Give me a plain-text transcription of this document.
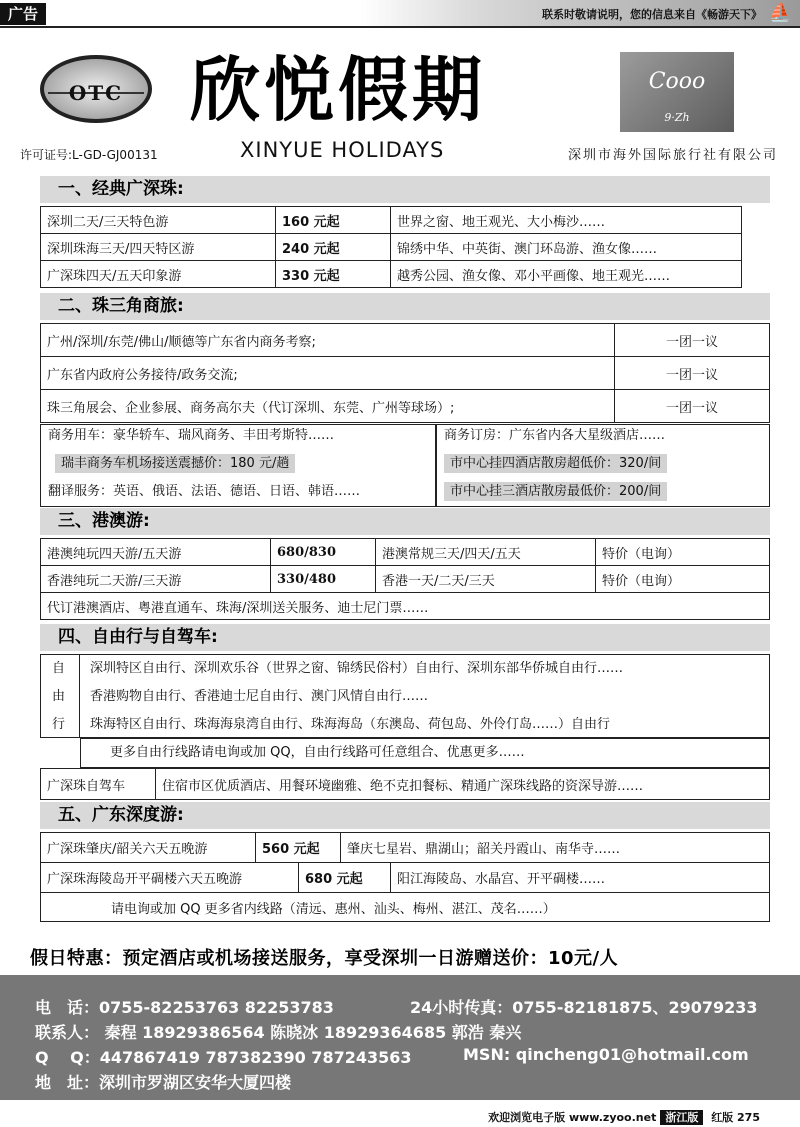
广告	联系时敬请说明，您的信息来自《畅游天下》 ⛵
OTC 欣悦假期
XINYUE HOLIDAYS
Cooo
9·Zh
许可证号:L-GD-GJ00131	深圳市海外国际旅行社有限公司
一、经典广深珠:
深圳二天/三天特色游	160 元起	世界之窗、地王观光、大小梅沙……
深圳珠海三天/四天特区游	240 元起	锦绣中华、中英街、澳门环岛游、渔女像……
广深珠四天/五天印象游	330 元起	越秀公园、渔女像、邓小平画像、地王观光……
二、珠三角商旅:
广州/深圳/东莞/佛山/顺德等广东省内商务考察;	一团一议
广东省内政府公务接待/政务交流;	一团一议
珠三角展会、企业参展、商务高尔夫（代订深圳、东莞、广州等球场）;	一团一议
商务用车：豪华轿车、瑞风商务、丰田考斯特……
瑞丰商务车机场接送震撼价：180 元/趟
翻译服务：英语、俄语、法语、德语、日语、韩语……
商务订房：广东省内各大星级酒店……
市中心挂四酒店散房超低价：320/间
市中心挂三酒店散房最低价：200/间
三、港澳游:
港澳纯玩四天游/五天游	680/830	港澳常规三天/四天/五天	特价（电询）
香港纯玩二天游/三天游	330/480	香港一天/二天/三天	特价（电询）
代订港澳酒店、粤港直通车、珠海/深圳送关服务、迪士尼门票……			
四、自由行与自驾车:
自
由
行
深圳特区自由行、深圳欢乐谷（世界之窗、锦绣民俗村）自由行、深圳东部华侨城自由行……
香港购物自由行、香港迪士尼自由行、澳门风情自由行……
珠海特区自由行、珠海海泉湾自由行、珠海海岛（东澳岛、荷包岛、外伶仃岛……）自由行
更多自由行线路请电询或加 QQ，自由行线路可任意组合、优惠更多……
广深珠自驾车	住宿市区优质酒店、用餐环境幽雅、绝不克扣餐标、精通广深珠线路的资深导游……
五、广东深度游:
广深珠肇庆/韶关六天五晚游	560 元起	肇庆七星岩、鼎湖山；韶关丹霞山、南华寺……
广深珠海陵岛开平碉楼六天五晚游	680 元起	阳江海陵岛、水晶宫、开平碉楼……
请电询或加 QQ 更多省内线路（清远、惠州、汕头、梅州、湛江、茂名……）
假日特惠：预定酒店或机场接送服务，享受深圳一日游赠送价：10元/人
电　话：0755-82253763 82253783	24小时传真：0755-82181875、29079233
联系人： 秦程 18929386564 陈晓冰 18929364685 郭浩 秦兴
Q　 Q：447867419 787382390 787243563	MSN: qincheng01@hotmail.com
地　址：深圳市罗湖区安华大厦四楼
欢迎浏览电子版 www.zyoo.net 浙江版 红版 275
